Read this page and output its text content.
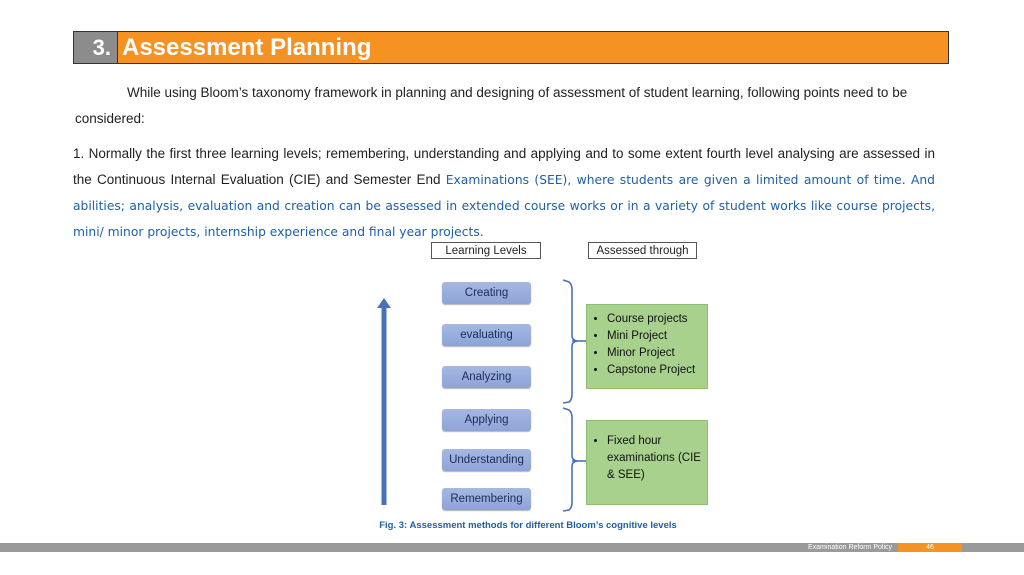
3. Assessment Planning
While using Bloom’s taxonomy framework in planning and designing of assessment of student learning, following points need to be considered:
1. Normally the first three learning levels; remembering, understanding and applying and to some extent fourth level analysing are assessed in the Continuous Internal Evaluation (CIE) and Semester End Examinations (SEE), where students are given a limited amount of time. And abilities; analysis, evaluation and creation can be assessed in extended course works or in a variety of student works like course projects, mini/ minor projects, internship experience and final year projects.
Learning Levels	Assessed through
Creating
evaluating
Analyzing
Applying
Understanding
Remembering
• Course projects
• Mini Project
• Minor Project
• Capstone Project
• Fixed hour examinations (CIE & SEE)
Fig. 3: Assessment methods for different Bloom’s cognitive levels
Examination Reform Policy	46
